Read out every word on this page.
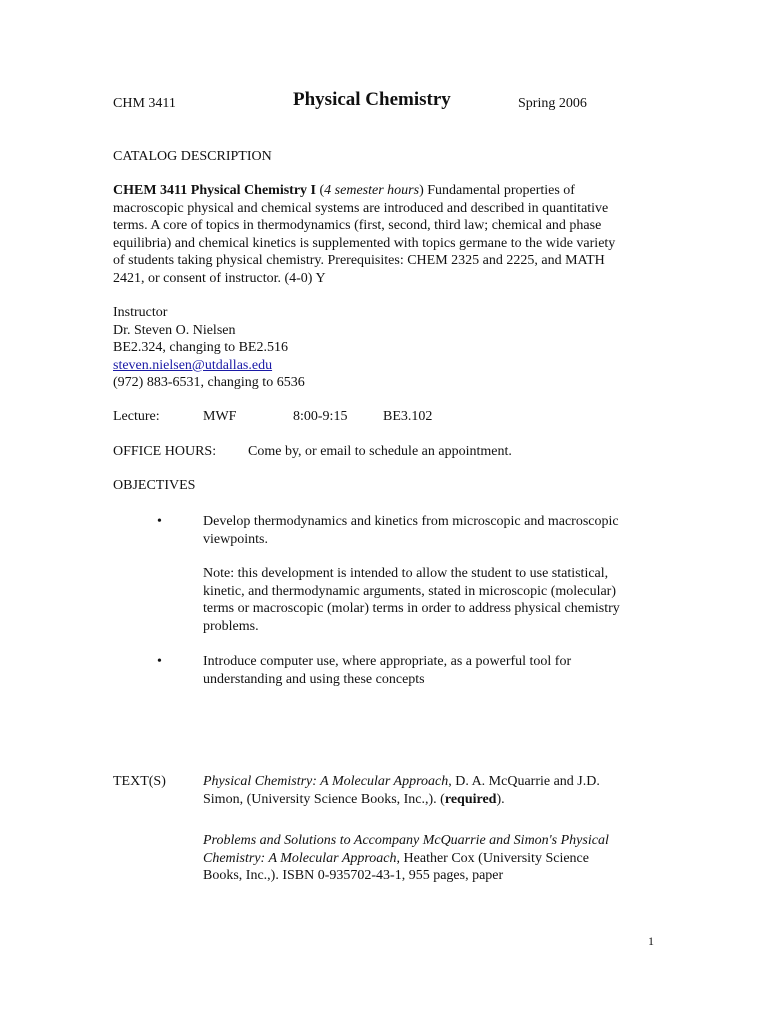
CHM 3411	Physical Chemistry	Spring 2006
CATALOG DESCRIPTION
CHEM 3411 Physical Chemistry I (4 semester hours) Fundamental properties of
macroscopic physical and chemical systems are introduced and described in quantitative
terms. A core of topics in thermodynamics (first, second, third law; chemical and phase
equilibria) and chemical kinetics is supplemented with topics germane to the wide variety
of students taking physical chemistry. Prerequisites: CHEM 2325 and 2225, and MATH
2421, or consent of instructor. (4-0) Y
Instructor
Dr. Steven O. Nielsen
BE2.324, changing to BE2.516
steven.nielsen@utdallas.edu
(972) 883-6531, changing to 6536
Lecture:	MWF	8:00-9:15	BE3.102
OFFICE HOURS: Come by, or email to schedule an appointment.
OBJECTIVES
•	Develop thermodynamics and kinetics from microscopic and macroscopic
viewpoints.
Note: this development is intended to allow the student to use statistical,
kinetic, and thermodynamic arguments, stated in microscopic (molecular)
terms or macroscopic (molar) terms in order to address physical chemistry
problems.
•	Introduce computer use, where appropriate, as a powerful tool for
understanding and using these concepts
TEXT(S)	Physical Chemistry: A Molecular Approach, D. A. McQuarrie and J.D.
Simon, (University Science Books, Inc.,). (required).
Problems and Solutions to Accompany McQuarrie and Simon's Physical
Chemistry: A Molecular Approach, Heather Cox (University Science
Books, Inc.,). ISBN 0-935702-43-1, 955 pages, paper
1
